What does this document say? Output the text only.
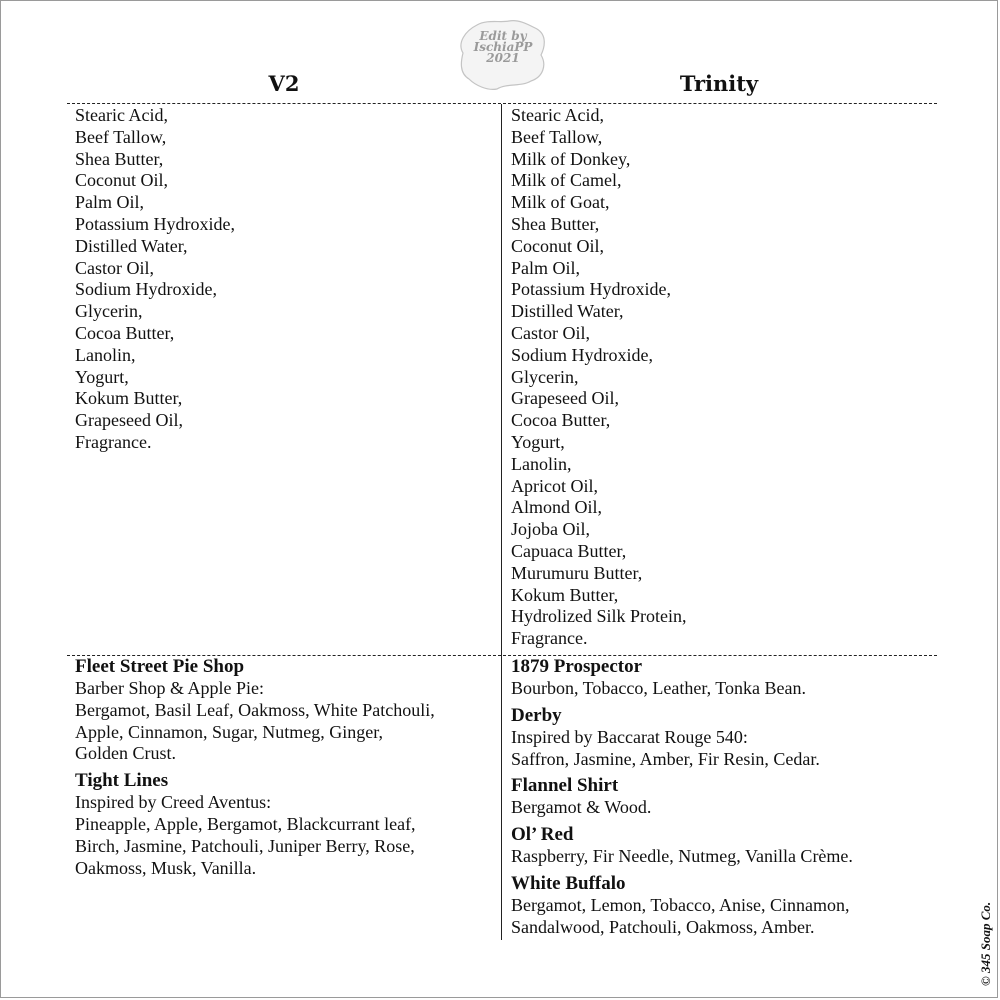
Edit by
IschiaPP
2021
V2	Trinity
Stearic Acid,
Beef Tallow,
Shea Butter,
Coconut Oil,
Palm Oil,
Potassium Hydroxide,
Distilled Water,
Castor Oil,
Sodium Hydroxide,
Glycerin,
Cocoa Butter,
Lanolin,
Yogurt,
Kokum Butter,
Grapeseed Oil,
Fragrance.
Stearic Acid,
Beef Tallow,
Milk of Donkey,
Milk of Camel,
Milk of Goat,
Shea Butter,
Coconut Oil,
Palm Oil,
Potassium Hydroxide,
Distilled Water,
Castor Oil,
Sodium Hydroxide,
Glycerin,
Grapeseed Oil,
Cocoa Butter,
Yogurt,
Lanolin,
Apricot Oil,
Almond Oil,
Jojoba Oil,
Capuaca Butter,
Murumuru Butter,
Kokum Butter,
Hydrolized Silk Protein,
Fragrance.
Fleet Street Pie Shop
Barber Shop & Apple Pie:
Bergamot, Basil Leaf, Oakmoss, White Patchouli,
Apple, Cinnamon, Sugar, Nutmeg, Ginger,
Golden Crust.
Tight Lines
Inspired by Creed Aventus:
Pineapple, Apple, Bergamot, Blackcurrant leaf,
Birch, Jasmine, Patchouli, Juniper Berry, Rose,
Oakmoss, Musk, Vanilla.
1879 Prospector
Bourbon, Tobacco, Leather, Tonka Bean.
Derby
Inspired by Baccarat Rouge 540:
Saffron, Jasmine, Amber, Fir Resin, Cedar.
Flannel Shirt
Bergamot & Wood.
Ol’ Red
Raspberry, Fir Needle, Nutmeg, Vanilla Crème.
White Buffalo
Bergamot, Lemon, Tobacco, Anise, Cinnamon,
Sandalwood, Patchouli, Oakmoss, Amber.	© 345 Soap Co.
